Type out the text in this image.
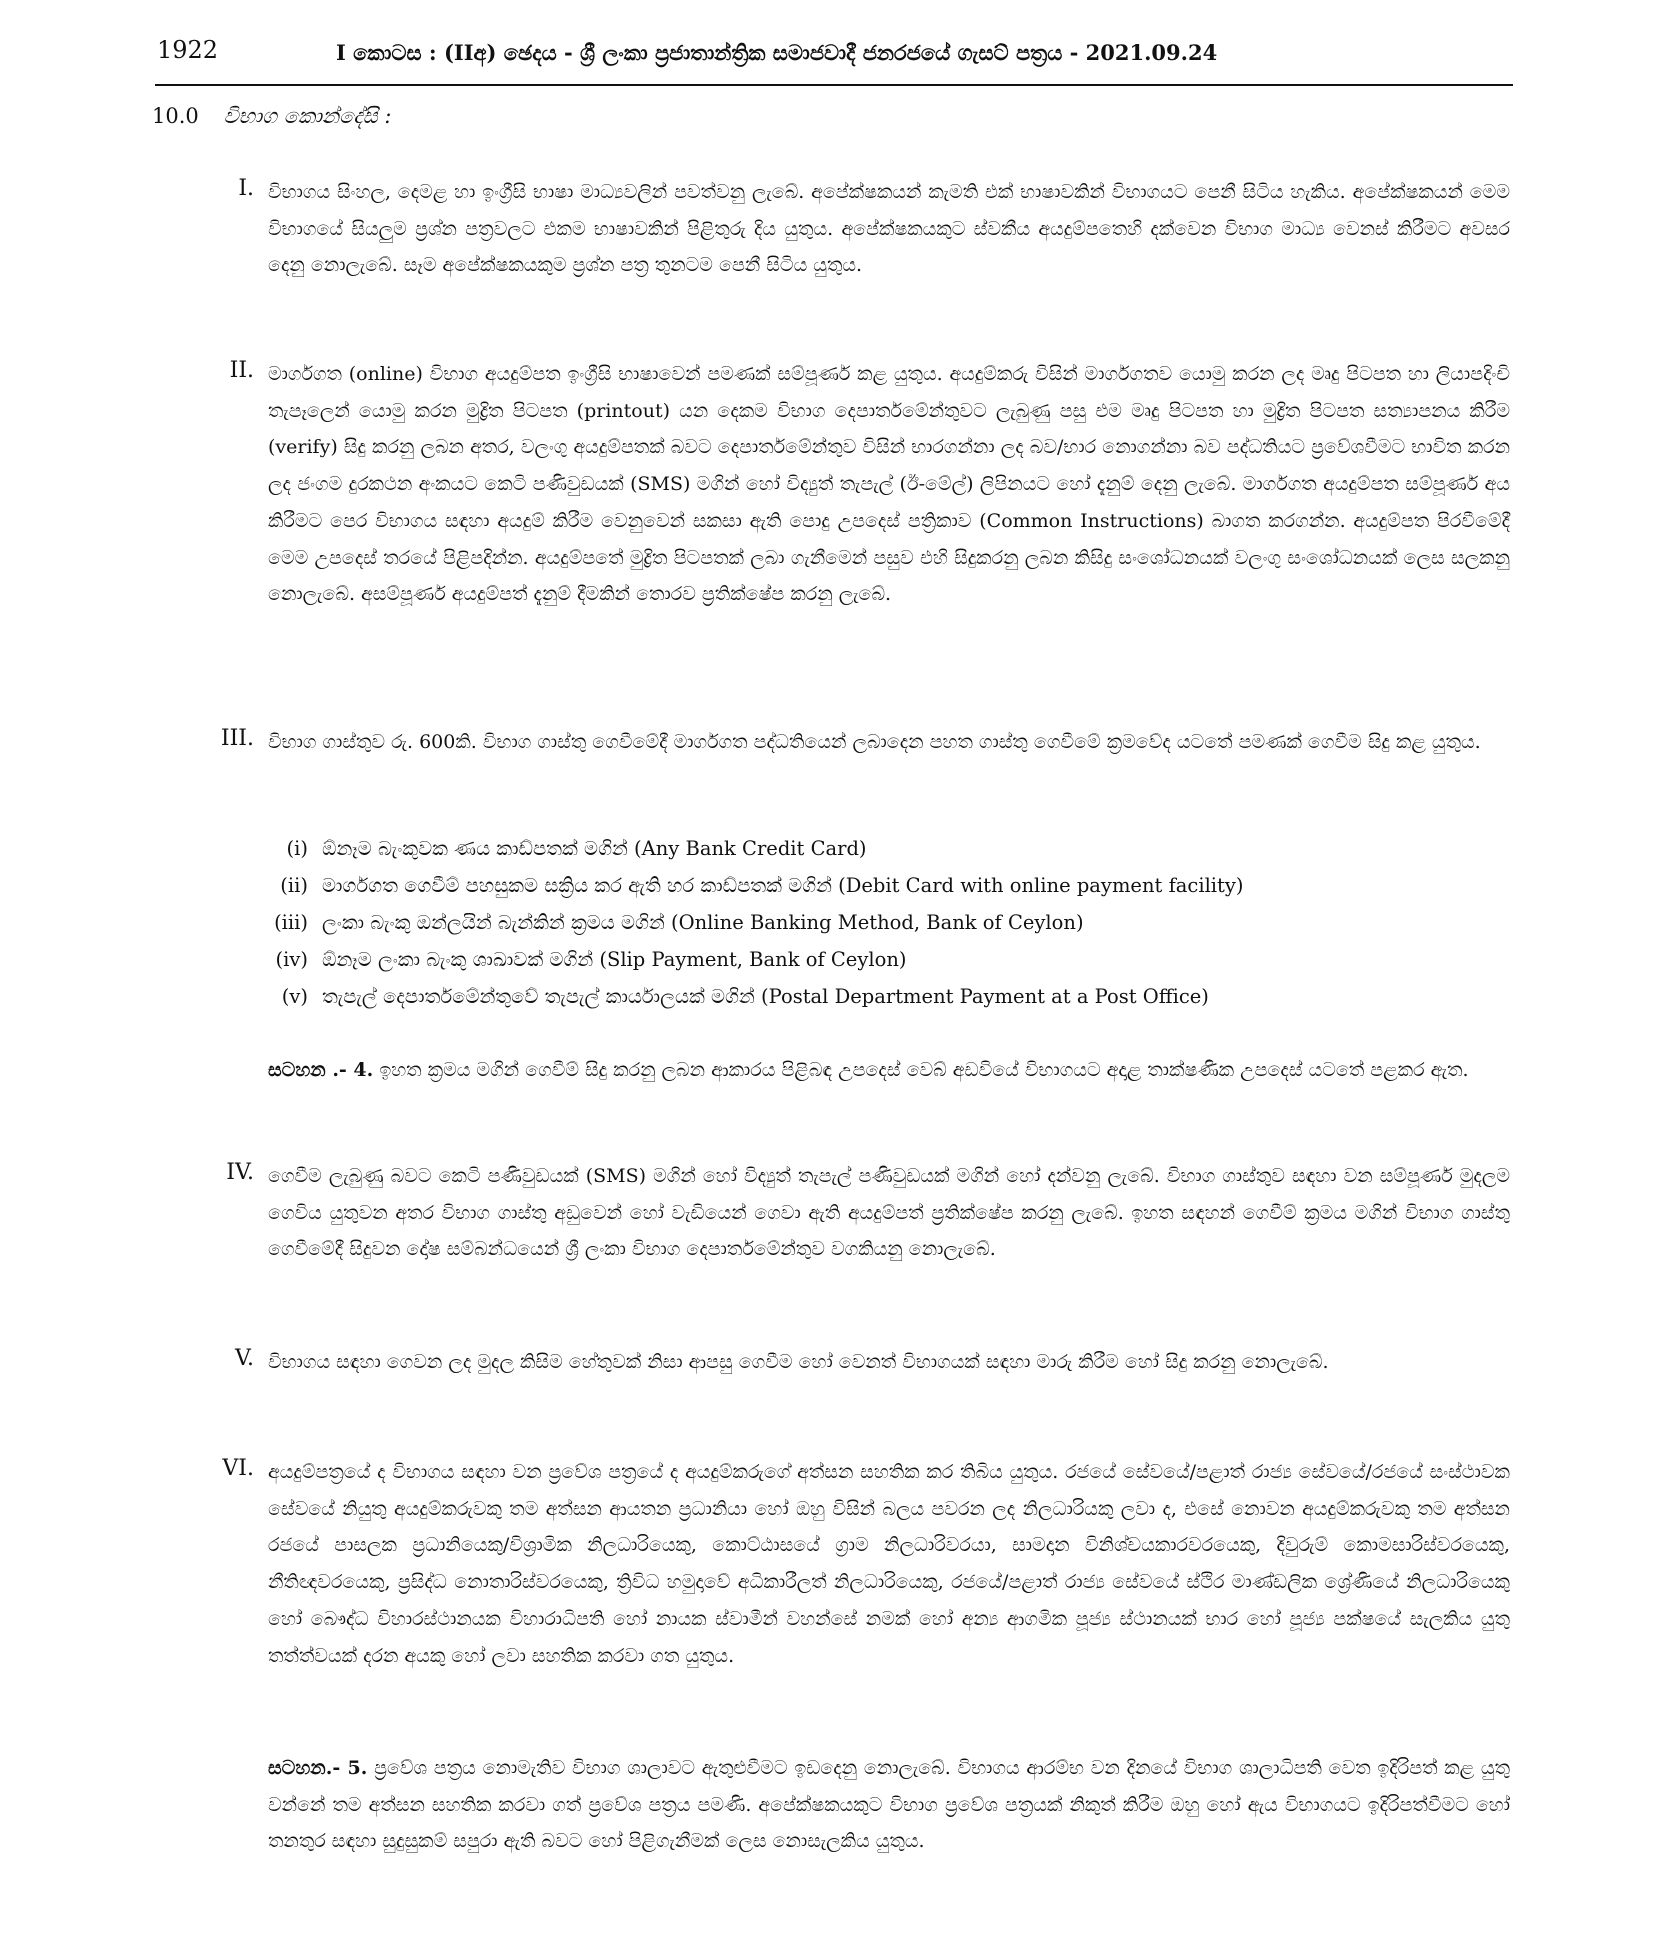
1922	I කොටස : (IIඅ) ඡෙදය - ශ්‍රී ලංකා ප්‍රජාතාන්ත්‍රික සමාජවාදී ජනරජයේ ගැසට් පත්‍රය - 2021.09.24
10.0 විභාග කොන්දේසි :
I. විභාගය සිංහල, දෙමළ හා ඉංග්‍රීසි භාෂා මාධ්‍යවලින් පවත්වනු ලැබේ. අපේක්ෂකයන් කැමති එක් භාෂාවකින් විභාගයට පෙනී සිටිය හැකිය. අපේක්ෂකයන් මෙම විභාගයේ සියලුම ප්‍රශ්න පත්‍රවලට එකම භාෂාවකින් පිළිතුරු දිය යුතුය. අපේක්ෂකයකුට ස්වකීය අයදුම්පතෙහි දක්වෙන විභාග මාධ්‍ය වෙනස් කිරීමට අවසර දෙනු නොලැබේ. සෑම අපේක්ෂකයකුම ප්‍රශ්න පත්‍ර තුනටම පෙනී සිටිය යුතුය.
II. මාර්ගගත (online) විභාග අයදුම්පත ඉංග්‍රීසි භාෂාවෙන් පමණක් සම්පූර්ණ කළ යුතුය. අයදුම්කරු විසින් මාර්ගගතව යොමු කරන ලද මෘදු පිටපත හා ලියාපදිංචි තැපෑලෙන් යොමු කරන මුද්‍රිත පිටපත (printout) යන දෙකම විභාග දෙපාර්තමේන්තුවට ලැබුණු පසු එම මෘදු පිටපත හා මුද්‍රිත පිටපත සත්‍යාපනය කිරීම (verify) සිදු කරනු ලබන අතර, වලංගු අයදුම්පතක් බවට දෙපාර්තමේන්තුව විසින් භාරගන්නා ලද බව/භාර නොගන්නා බව පද්ධතියට ප්‍රවේශවීමට භාවිත කරන ලද ජංගම දුරකථන අංකයට කෙටි පණිවුඩයක් (SMS) මගින් හෝ විද්‍යුත් තැපැල් (ඊ-මේල්) ලිපිනයට හෝ දැනුම් දෙනු ලැබේ. මාර්ගගත අයදුම්පත සම්පූර්ණ අය කිරීමට පෙර විභාගය සඳහා අයදුම් කිරීම වෙනුවෙන් සකසා ඇති පොදු උපදෙස් පත්‍රිකාව (Common Instructions) බාගත කරගන්න. අයදුම්පත පිරවීමේදී මෙම උපදෙස් තරයේ පිළිපදින්න. අයදුම්පතේ මුද්‍රිත පිටපතක් ලබා ගැනීමෙන් පසුව එහි සිදුකරනු ලබන කිසිදු සංශෝධනයක් වලංගු සංශෝධනයක් ලෙස සලකනු නොලැබේ. අසම්පූර්ණ අයදුම්පත් දැනුම් දීමකින් තොරව ප්‍රතික්ෂේප කරනු ලැබේ.
III. විභාග ගාස්තුව රු. 600කි. විභාග ගාස්තු ගෙවීමේදී මාර්ගගත පද්ධතියෙන් ලබාදෙන පහත ගාස්තු ගෙවීමේ ක්‍රමවේද යටතේ පමණක් ගෙවීම සිදු කළ යුතුය.
(i) ඕනෑම බැංකුවක ණය කාඩ්පතක් මගින් (Any Bank Credit Card)
(ii) මාර්ගගත ගෙවීම් පහසුකම සක්‍රිය කර ඇති හර කාඩ්පතක් මගින් (Debit Card with online payment facility)
(iii) ලංකා බැංකු ඔන්ලයින් බැන්කින් ක්‍රමය මගින් (Online Banking Method, Bank of Ceylon)
(iv) ඕනෑම ලංකා බැංකු ශාඛාවක් මගින් (Slip Payment, Bank of Ceylon)
(v) තැපැල් දෙපාර්තමේන්තුවේ තැපැල් කාර්යාලයක් මගින් (Postal Department Payment at a Post Office)
සටහන .- 4. ඉහත ක්‍රමය මගින් ගෙවීම් සිදු කරනු ලබන ආකාරය පිළිබඳ උපදෙස් වෙබ් අඩවියේ විභාගයට අදාළ තාක්ෂණික උපදෙස් යටතේ පළකර ඇත.
IV. ගෙවීම ලැබුණු බවට කෙටි පණිවුඩයක් (SMS) මගින් හෝ විද්‍යුත් තැපැල් පණිවුඩයක් මගින් හෝ දන්වනු ලැබේ. විභාග ගාස්තුව සඳහා වන සම්පූර්ණ මුදලම ගෙවිය යුතුවන අතර විභාග ගාස්තු අඩුවෙන් හෝ වැඩියෙන් ගෙවා ඇති අයදුම්පත් ප්‍රතික්ෂේප කරනු ලැබේ. ඉහත සඳහන් ගෙවීම් ක්‍රමය මගින් විභාග ගාස්තු ගෙවීමේදී සිදුවන දෝෂ සම්බන්ධයෙන් ශ්‍රී ලංකා විභාග දෙපාර්තමේන්තුව වගකියනු නොලැබේ.
V. විභාගය සඳහා ගෙවන ලද මුදල කිසිම හේතුවක් නිසා ආපසු ගෙවීම හෝ වෙනත් විභාගයක් සඳහා මාරු කිරීම හෝ සිදු කරනු නොලැබේ.
VI. අයදුම්පත්‍රයේ ද විභාගය සඳහා වන ප්‍රවේශ පත්‍රයේ ද අයදුම්කරුගේ අත්සන සහතික කර තිබිය යුතුය. රජයේ සේවයේ/පළාත් රාජ්‍ය සේවයේ/රජයේ සංස්ථාවක සේවයේ නියුතු අයදුම්කරුවකු තම අත්සන ආයතන ප්‍රධානියා හෝ ඔහු විසින් බලය පවරන ලද නිලධාරියකු ලවා ද, එසේ නොවන අයදුම්කරුවකු තම අත්සන රජයේ පාසලක ප්‍රධානියෙකු/විශ්‍රාමික නිලධාරියෙකු, කොට්ඨාසයේ ග්‍රාම නිලධාරිවරයා, සාමදාන විනිශ්චයකාරවරයෙකු, දිවුරුම් කොමසාරිස්වරයෙකු, නීතිඥවරයෙකු, ප්‍රසිද්ධ නොතාරිස්වරයෙකු, ත්‍රිවිධ හමුදාවේ අධිකාරීලත් නිලධාරියෙකු, රජයේ/පළාත් රාජ්‍ය සේවයේ ස්ථිර මාණ්ඩලික ශ්‍රේණියේ නිලධාරියෙකු හෝ බෞද්ධ විහාරස්ථානයක විහාරාධිපති හෝ නායක ස්වාමීන් වහන්සේ නමක් හෝ අන්‍ය ආගමික පූජ්‍ය ස්ථානයක් භාර හෝ පූජ්‍ය පක්ෂයේ සැලකිය යුතු තත්ත්වයක් දරන අයකු හෝ ලවා සහතික කරවා ගත යුතුය.
සටහන.- 5. ප්‍රවේශ පත්‍රය නොමැතිව විභාග ශාලාවට ඇතුළුවීමට ඉඩදෙනු නොලැබේ. විභාගය ආරම්භ වන දිනයේ විභාග ශාලාධිපති වෙත ඉදිරිපත් කළ යුතු වන්නේ තම අත්සන සහතික කරවා ගත් ප්‍රවේශ පත්‍රය පමණි. අපේක්ෂකයකුට විභාග ප්‍රවේශ පත්‍රයක් නිකුත් කිරීම ඔහු හෝ ඇය විභාගයට ඉදිරිපත්වීමට හෝ තනතුර සඳහා සුදුසුකම් සපුරා ඇති බවට හෝ පිළිගැනීමක් ලෙස නොසැලකිය යුතුය.
